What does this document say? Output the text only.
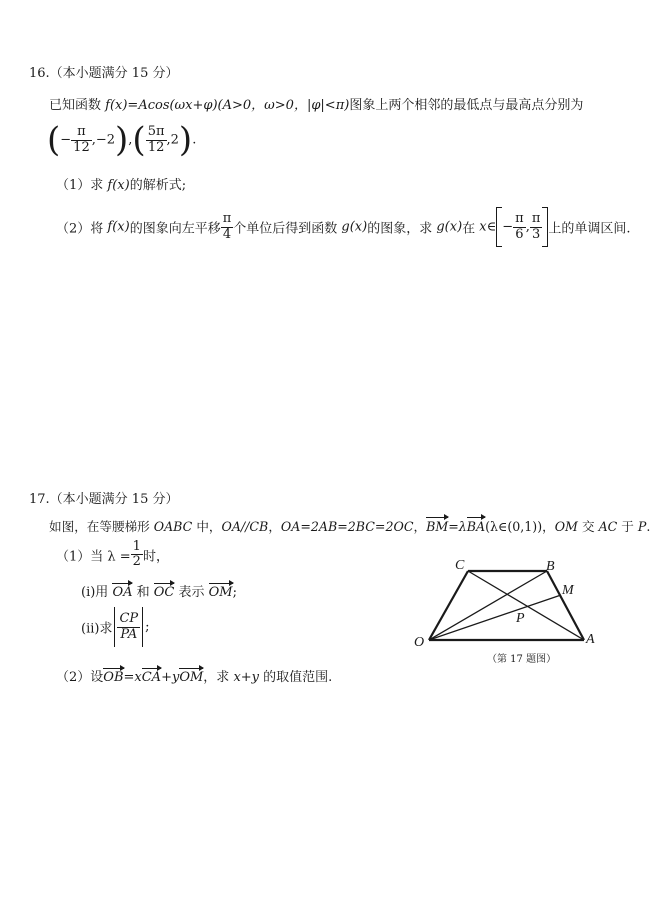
16.（本小题满分 15 分）
已知函数 f(x)=Acos(ωx+φ)(A>0，ω>0，|φ|<π)图象上两个相邻的最低点与最高点分别为
(− $\frac{\pi}{12} ,-2),( \frac{5\pi}{12} ,2)$.
（1）求 f(x)的解析式;
（2）将 f(x)的图象向左平移 $\frac{\pi}{4}$ 个单位后得到函数 g(x)的图象，求 g(x)在 x∈ − $\frac{\pi}{6}$ , $\frac{\pi}{3}$ 上的单调区间.
17.（本小题满分 15 分）
如图，在等腰梯形 OABC 中，OA//CB，OA=2AB=2BC=2OC，BM=λBA(λ∈(0,1))，OM 交 AC 于 P
（1）当 $\lambda = \frac{1}{2}$ 时，
(i)用 OA 和 OC 表示 OM;
(ii)求 $\frac{CP}{PA}$ ;
（2）设OB=xCA+yOM，求 x+y 的取值范围.
C	B
M
P
O	A
（第 17 题图）
